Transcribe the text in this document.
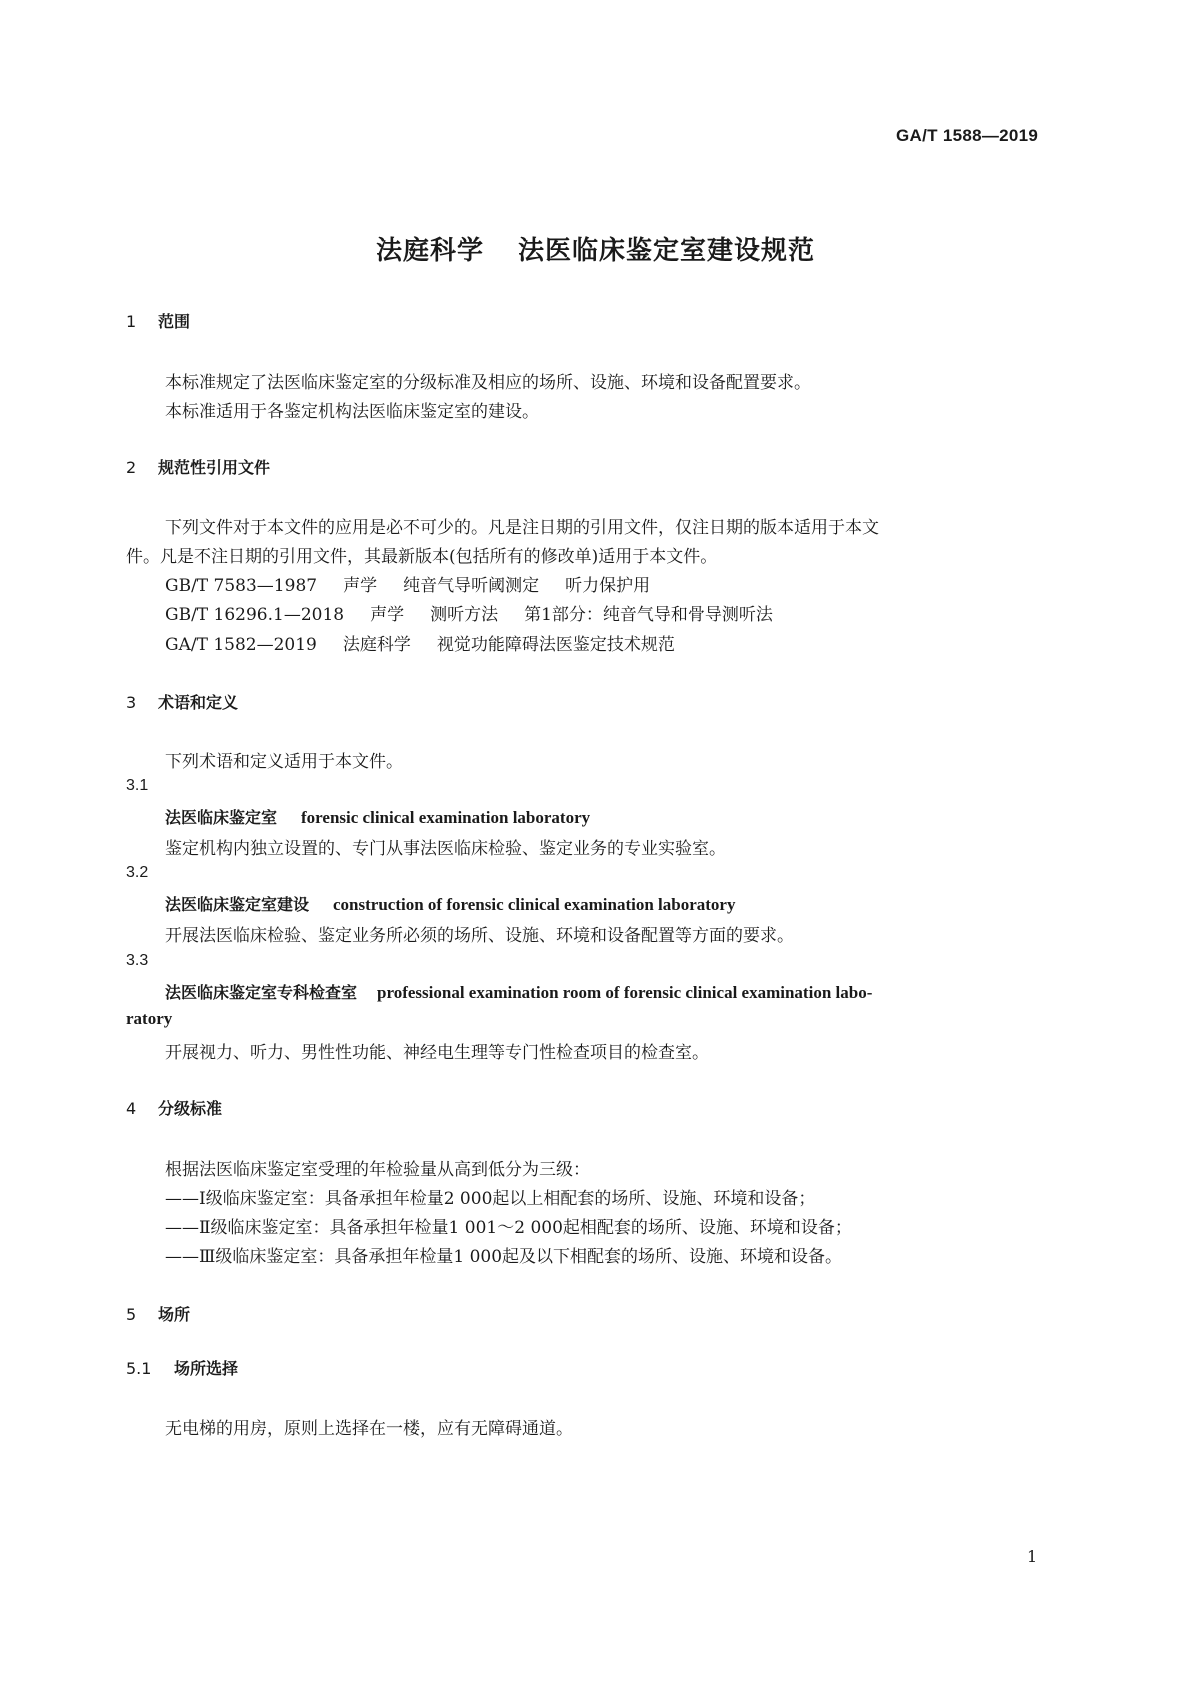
GA/T 1588—2019
法庭科学 法医临床鉴定室建设规范
1 范围
本标准规定了法医临床鉴定室的分级标准及相应的场所、设施、环境和设备配置要求。
本标准适用于各鉴定机构法医临床鉴定室的建设。
2 规范性引用文件
下列文件对于本文件的应用是必不可少的。凡是注日期的引用文件，仅注日期的版本适用于本文
件。凡是不注日期的引用文件，其最新版本(包括所有的修改单)适用于本文件。
GB/T 7583—1987 声学 纯音气导听阈测定 听力保护用
GB/T 16296.1—2018 声学 测听方法 第1部分：纯音气导和骨导测听法
GA/T 1582—2019 法庭科学 视觉功能障碍法医鉴定技术规范
3 术语和定义
下列术语和定义适用于本文件。
3.1
法医临床鉴定室 forensic clinical examination laboratory
鉴定机构内独立设置的、专门从事法医临床检验、鉴定业务的专业实验室。
3.2
法医临床鉴定室建设 construction of forensic clinical examination laboratory
开展法医临床检验、鉴定业务所必须的场所、设施、环境和设备配置等方面的要求。
3.3
法医临床鉴定室专科检查室 professional examination room of forensic clinical examination labo-
ratory
开展视力、听力、男性性功能、神经电生理等专门性检查项目的检查室。
4 分级标准
根据法医临床鉴定室受理的年检验量从高到低分为三级：
——Ⅰ级临床鉴定室：具备承担年检量2 000起以上相配套的场所、设施、环境和设备；
——Ⅱ级临床鉴定室：具备承担年检量1 001～2 000起相配套的场所、设施、环境和设备；
——Ⅲ级临床鉴定室：具备承担年检量1 000起及以下相配套的场所、设施、环境和设备。
5 场所
5.1 场所选择
无电梯的用房，原则上选择在一楼，应有无障碍通道。
1
